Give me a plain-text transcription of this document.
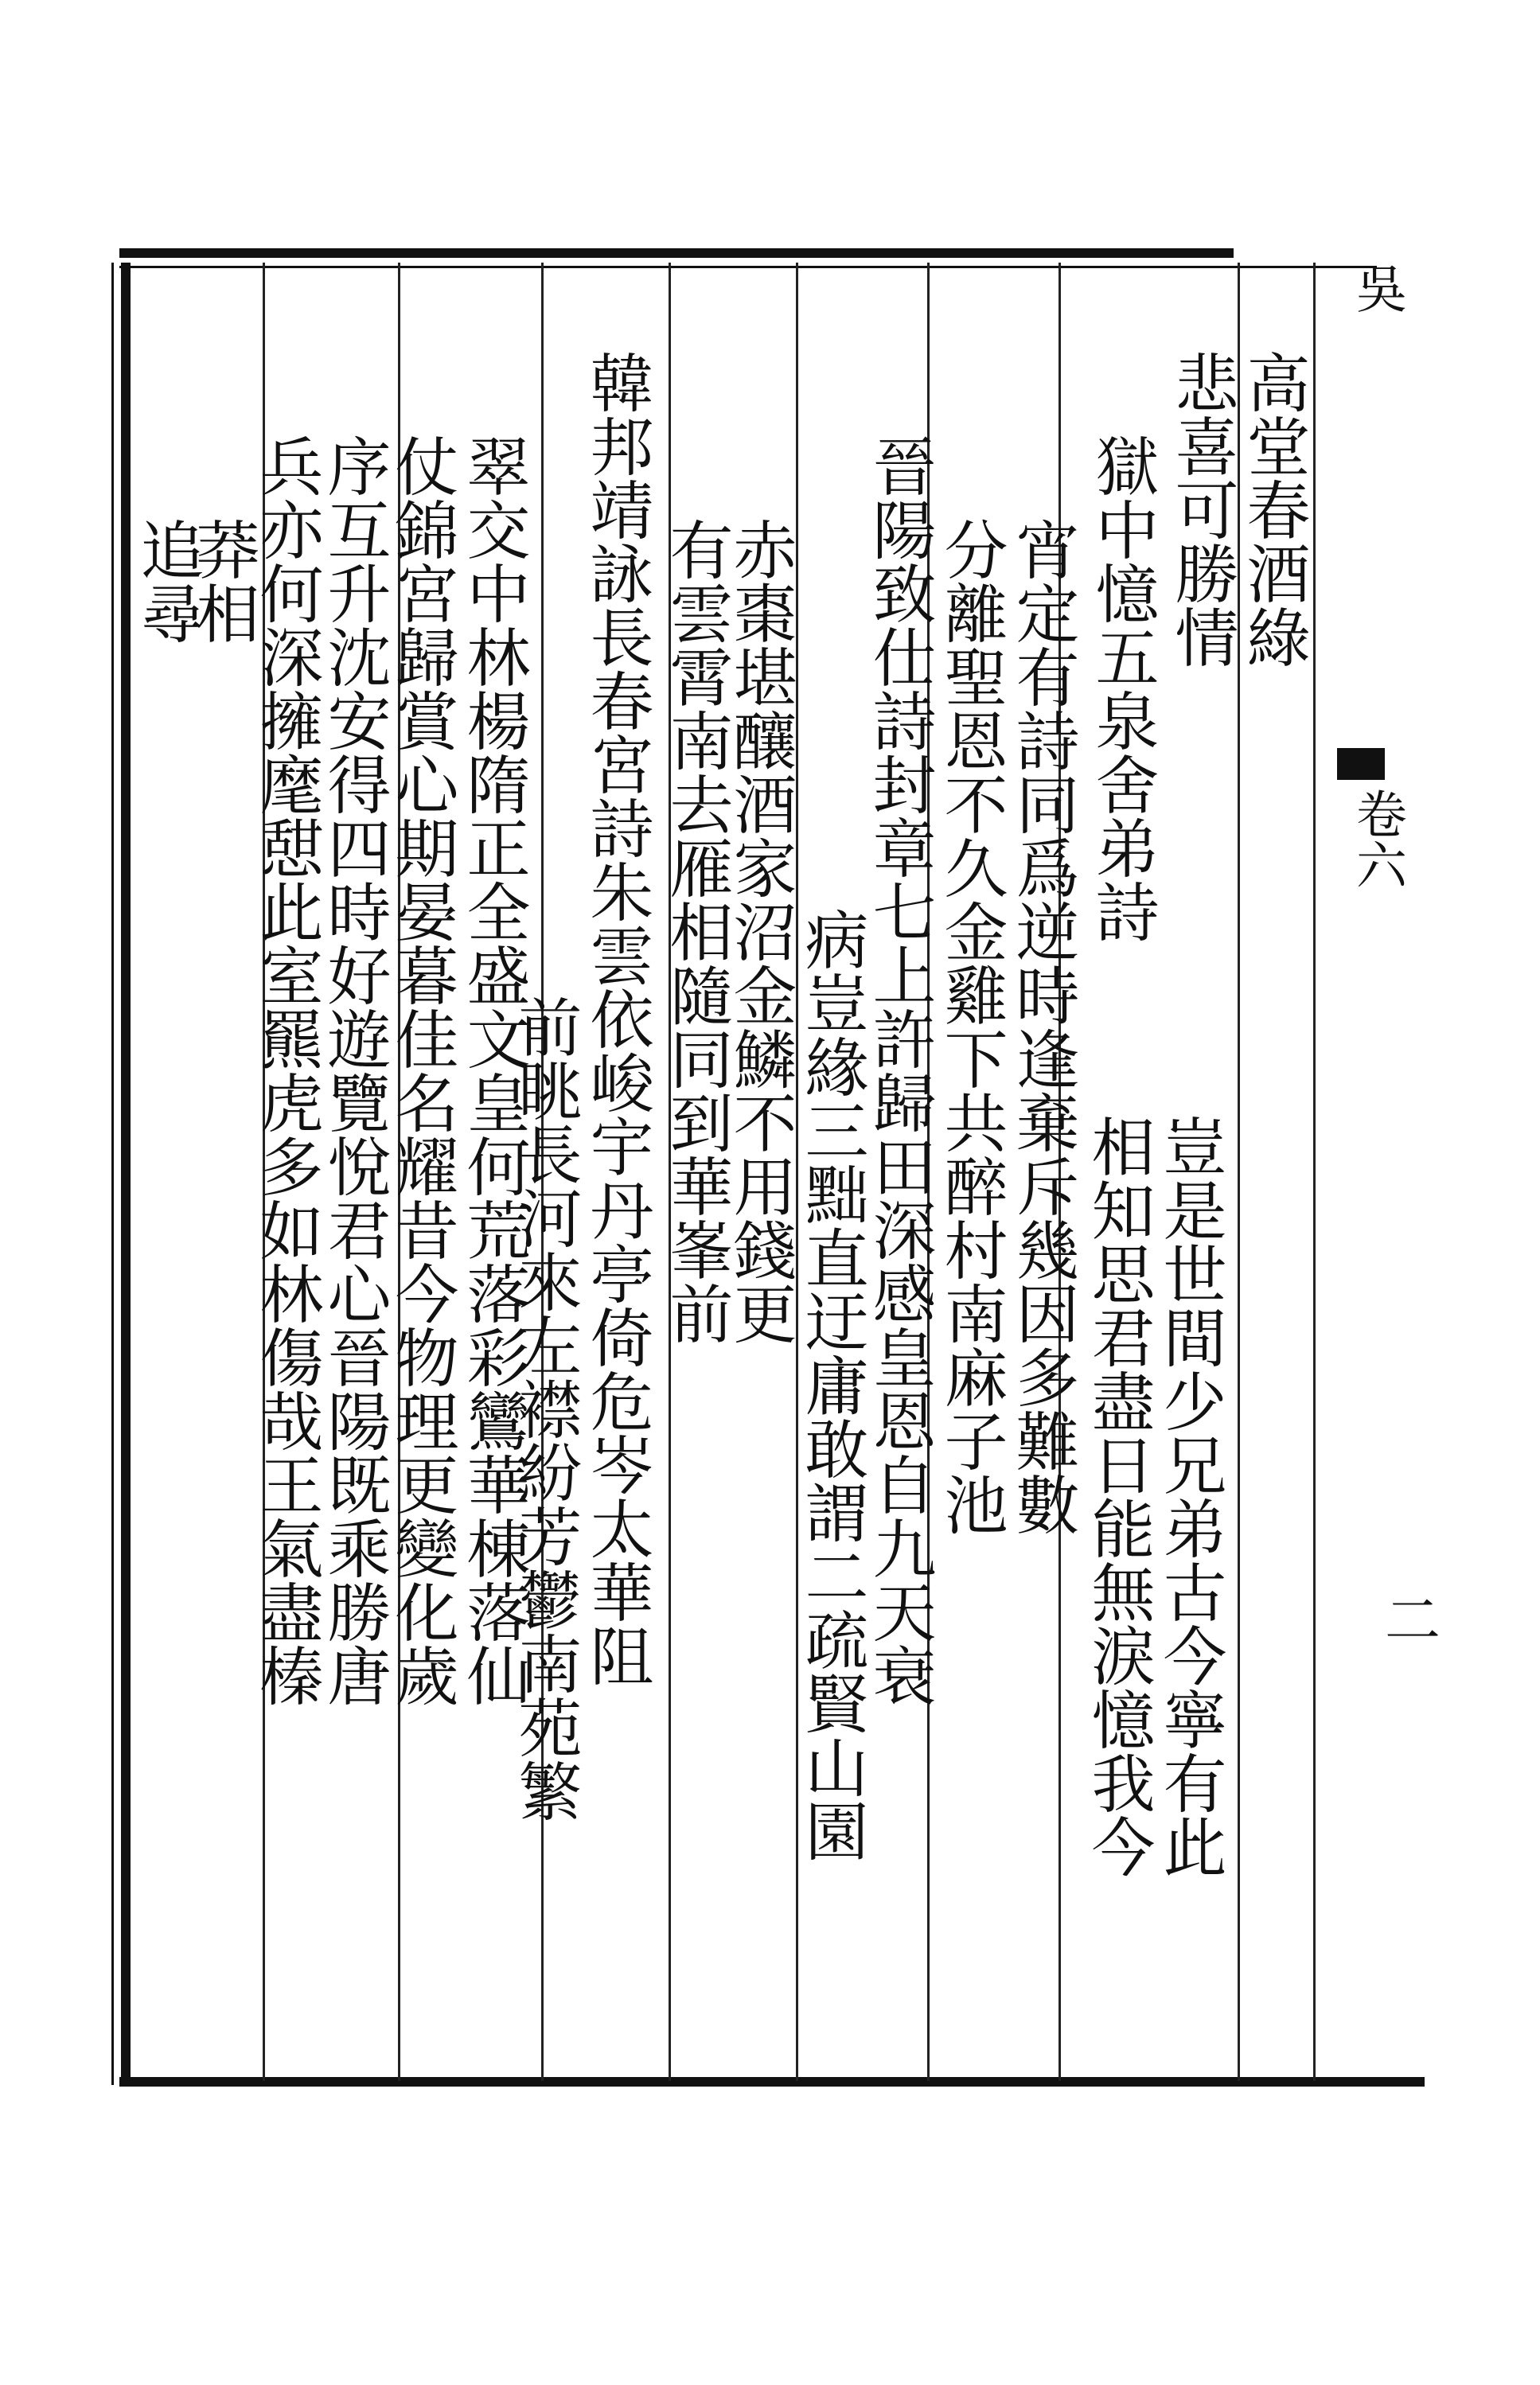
吳
卷六
二
高堂春酒綠
悲喜可勝情
獄中憶五泉舍弟詩
豈是世間少兄弟古今寧有此
相知思君盡日能無淚憶我今
宵定有詩同爲逆時逢棄斥幾因多難數
分離聖恩不久金雞下共醉村南麻子池
晉陽致仕詩封章七上許歸田深感皇恩自九天衰
病豈緣三黜直迂庸敢謂二疏賢山園
赤棗堪釀酒家沼金鱗不用錢更
有雲霄南去雁相隨同到華峯前
韓邦靖詠長春宮詩朱雲依峻宇丹亭倚危岑太華阻
前眺長河來左襟紛芳鬱南苑繁
翠交中林楊隋正全盛文皇何荒落彩鸞華棟落仙
仗錦宮歸賞心期晏暮佳名耀昔今物理更變化歲
序互升沈安得四時好遊覽悅君心晉陽既乘勝唐
兵亦何深擁麾憇此室羆虎多如林傷哉王氣盡榛
莽相
追尋
